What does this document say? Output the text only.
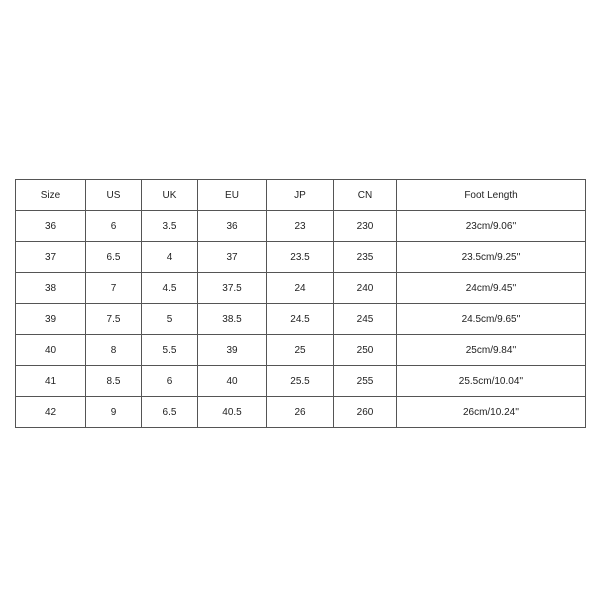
Size	US	UK	EU	JP	CN	Foot Length
36	6	3.5	36	23	230	23cm/9.06''
37	6.5	4	37	23.5	235	23.5cm/9.25''
38	7	4.5	37.5	24	240	24cm/9.45''
39	7.5	5	38.5	24.5	245	24.5cm/9.65''
40	8	5.5	39	25	250	25cm/9.84''
41	8.5	6	40	25.5	255	25.5cm/10.04''
42	9	6.5	40.5	26	260	26cm/10.24''
